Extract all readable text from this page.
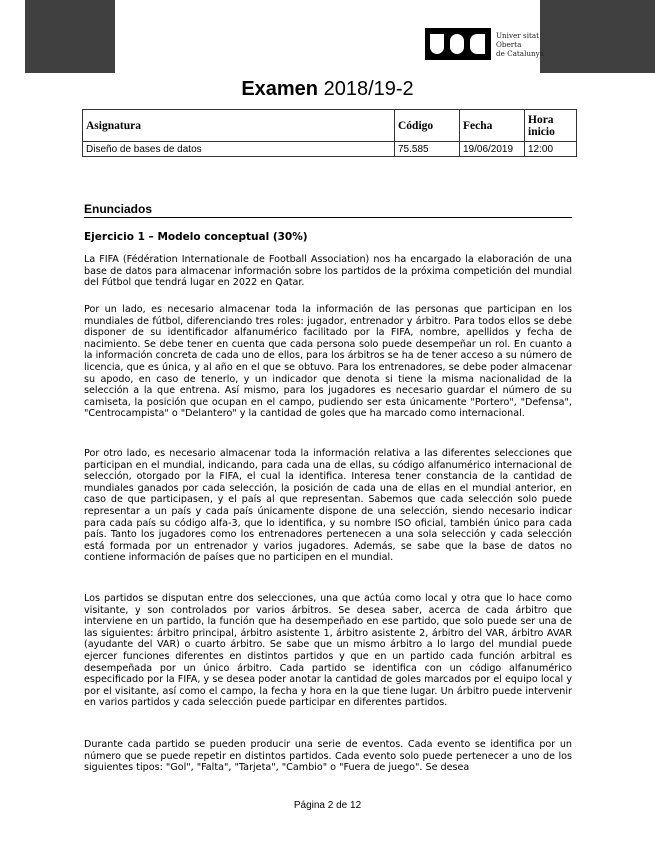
Univer sitat
Oberta
de Catalunya
Examen 2018/19-2
Asignatura	Código	Fecha	Hora inicio
Diseño de bases de datos	75.585	19/06/2019	12:00
Enunciados
Ejercicio 1 – Modelo conceptual (30%)
La FIFA (Fédération Internationale de Football Association) nos ha encargado la elaboración de una base de datos para almacenar información sobre los partidos de la próxima competición del mundial del Fútbol que tendrá lugar en 2022 en Qatar.
Por un lado, es necesario almacenar toda la información de las personas que participan en los mundiales de fútbol, diferenciando tres roles: jugador, entrenador y árbitro. Para todos ellos se debe disponer de su identificador alfanumérico facilitado por la FIFA, nombre, apellidos y fecha de nacimiento. Se debe tener en cuenta que cada persona solo puede desempeñar un rol. En cuanto a la información concreta de cada uno de ellos, para los árbitros se ha de tener acceso a su número de licencia, que es única, y al año en el que se obtuvo. Para los entrenadores, se debe poder almacenar su apodo, en caso de tenerlo, y un indicador que denota si tiene la misma nacionalidad de la selección a la que entrena. Así mismo, para los jugadores es necesario guardar el número de su camiseta, la posición que ocupan en el campo, pudiendo ser esta únicamente "Portero", "Defensa", "Centrocampista" o "Delantero" y la cantidad de goles que ha marcado como internacional.
Por otro lado, es necesario almacenar toda la información relativa a las diferentes selecciones que participan en el mundial, indicando, para cada una de ellas, su código alfanumérico internacional de selección, otorgado por la FIFA, el cual la identifica. Interesa tener constancia de la cantidad de mundiales ganados por cada selección, la posición de cada una de ellas en el mundial anterior, en caso de que participasen, y el país al que representan. Sabemos que cada selección solo puede representar a un país y cada país únicamente dispone de una selección, siendo necesario indicar para cada país su código alfa-3, que lo identifica, y su nombre ISO oficial, también único para cada país. Tanto los jugadores como los entrenadores pertenecen a una sola selección y cada selección está formada por un entrenador y varios jugadores. Además, se sabe que la base de datos no contiene información de países que no participen en el mundial.
Los partidos se disputan entre dos selecciones, una que actúa como local y otra que lo hace como visitante, y son controlados por varios árbitros. Se desea saber, acerca de cada árbitro que interviene en un partido, la función que ha desempeñado en ese partido, que solo puede ser una de las siguientes: árbitro principal, árbitro asistente 1, árbitro asistente 2, árbitro del VAR, árbitro AVAR (ayudante del VAR) o cuarto árbitro. Se sabe que un mismo árbitro a lo largo del mundial puede ejercer funciones diferentes en distintos partidos y que en un partido cada función arbitral es desempeñada por un único árbitro. Cada partido se identifica con un código alfanumérico especificado por la FIFA, y se desea poder anotar la cantidad de goles marcados por el equipo local y por el visitante, así como el campo, la fecha y hora en la que tiene lugar. Un árbitro puede intervenir en varios partidos y cada selección puede participar en diferentes partidos.
Durante cada partido se pueden producir una serie de eventos. Cada evento se identifica por un número que se puede repetir en distintos partidos. Cada evento solo puede pertenecer a uno de los siguientes tipos: "Gol", "Falta", "Tarjeta", "Cambio" o "Fuera de juego". Se desea
Página 2 de 12
